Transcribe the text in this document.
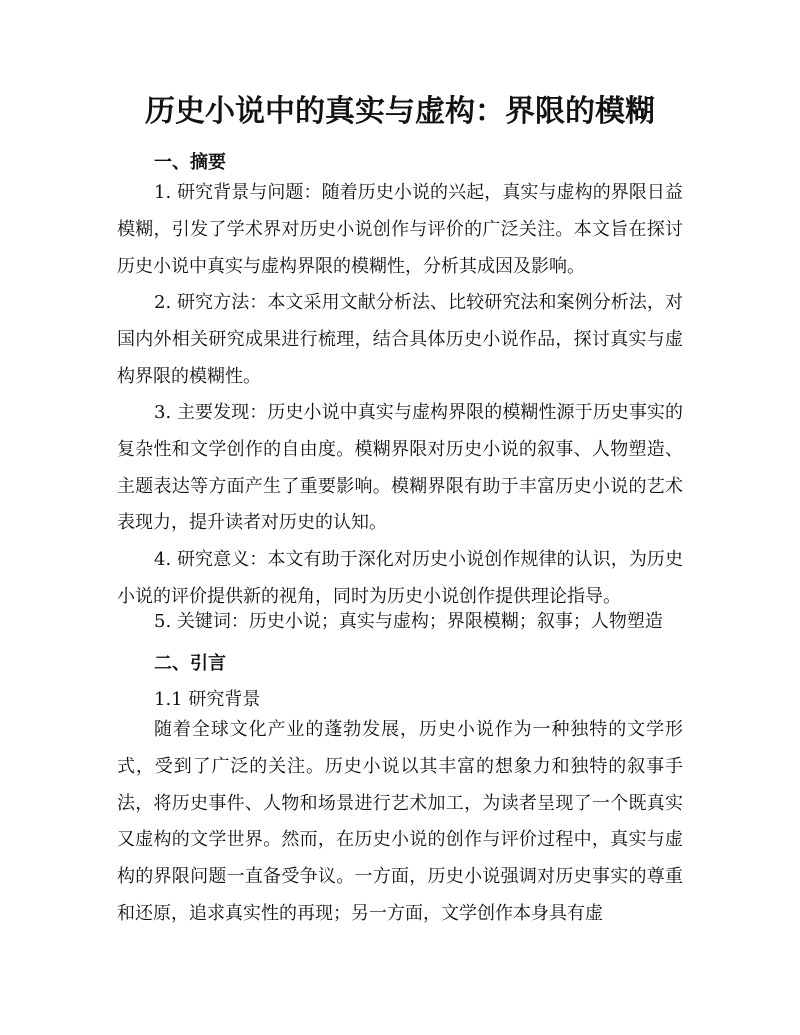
历史小说中的真实与虚构：界限的模糊
一、摘要

1. 研究背景与问题：随着历史小说的兴起，真实与虚构的界限日益模糊，引发了学术界对历史小说创作与评价的广泛关注。本文旨在探讨历史小说中真实与虚构界限的模糊性，分析其成因及影响。

2. 研究方法：本文采用文献分析法、比较研究法和案例分析法，对国内外相关研究成果进行梳理，结合具体历史小说作品，探讨真实与虚构界限的模糊性。

3. 主要发现：历史小说中真实与虚构界限的模糊性源于历史事实的复杂性和文学创作的自由度。模糊界限对历史小说的叙事、人物塑造、主题表达等方面产生了重要影响。模糊界限有助于丰富历史小说的艺术表现力，提升读者对历史的认知。

4. 研究意义：本文有助于深化对历史小说创作规律的认识，为历史小说的评价提供新的视角，同时为历史小说创作提供理论指导。

5. 关键词：历史小说；真实与虚构；界限模糊；叙事；人物塑造

二、引言
1.1 研究背景

随着全球文化产业的蓬勃发展，历史小说作为一种独特的文学形式，受到了广泛的关注。历史小说以其丰富的想象力和独特的叙事手法，将历史事件、人物和场景进行艺术加工，为读者呈现了一个既真实又虚构的文学世界。然而，在历史小说的创作与评价过程中，真实与虚构的界限问题一直备受争议。一方面，历史小说强调对历史事实的尊重和还原，追求真实性的再现；另一方面，文学创作本身具有虚
